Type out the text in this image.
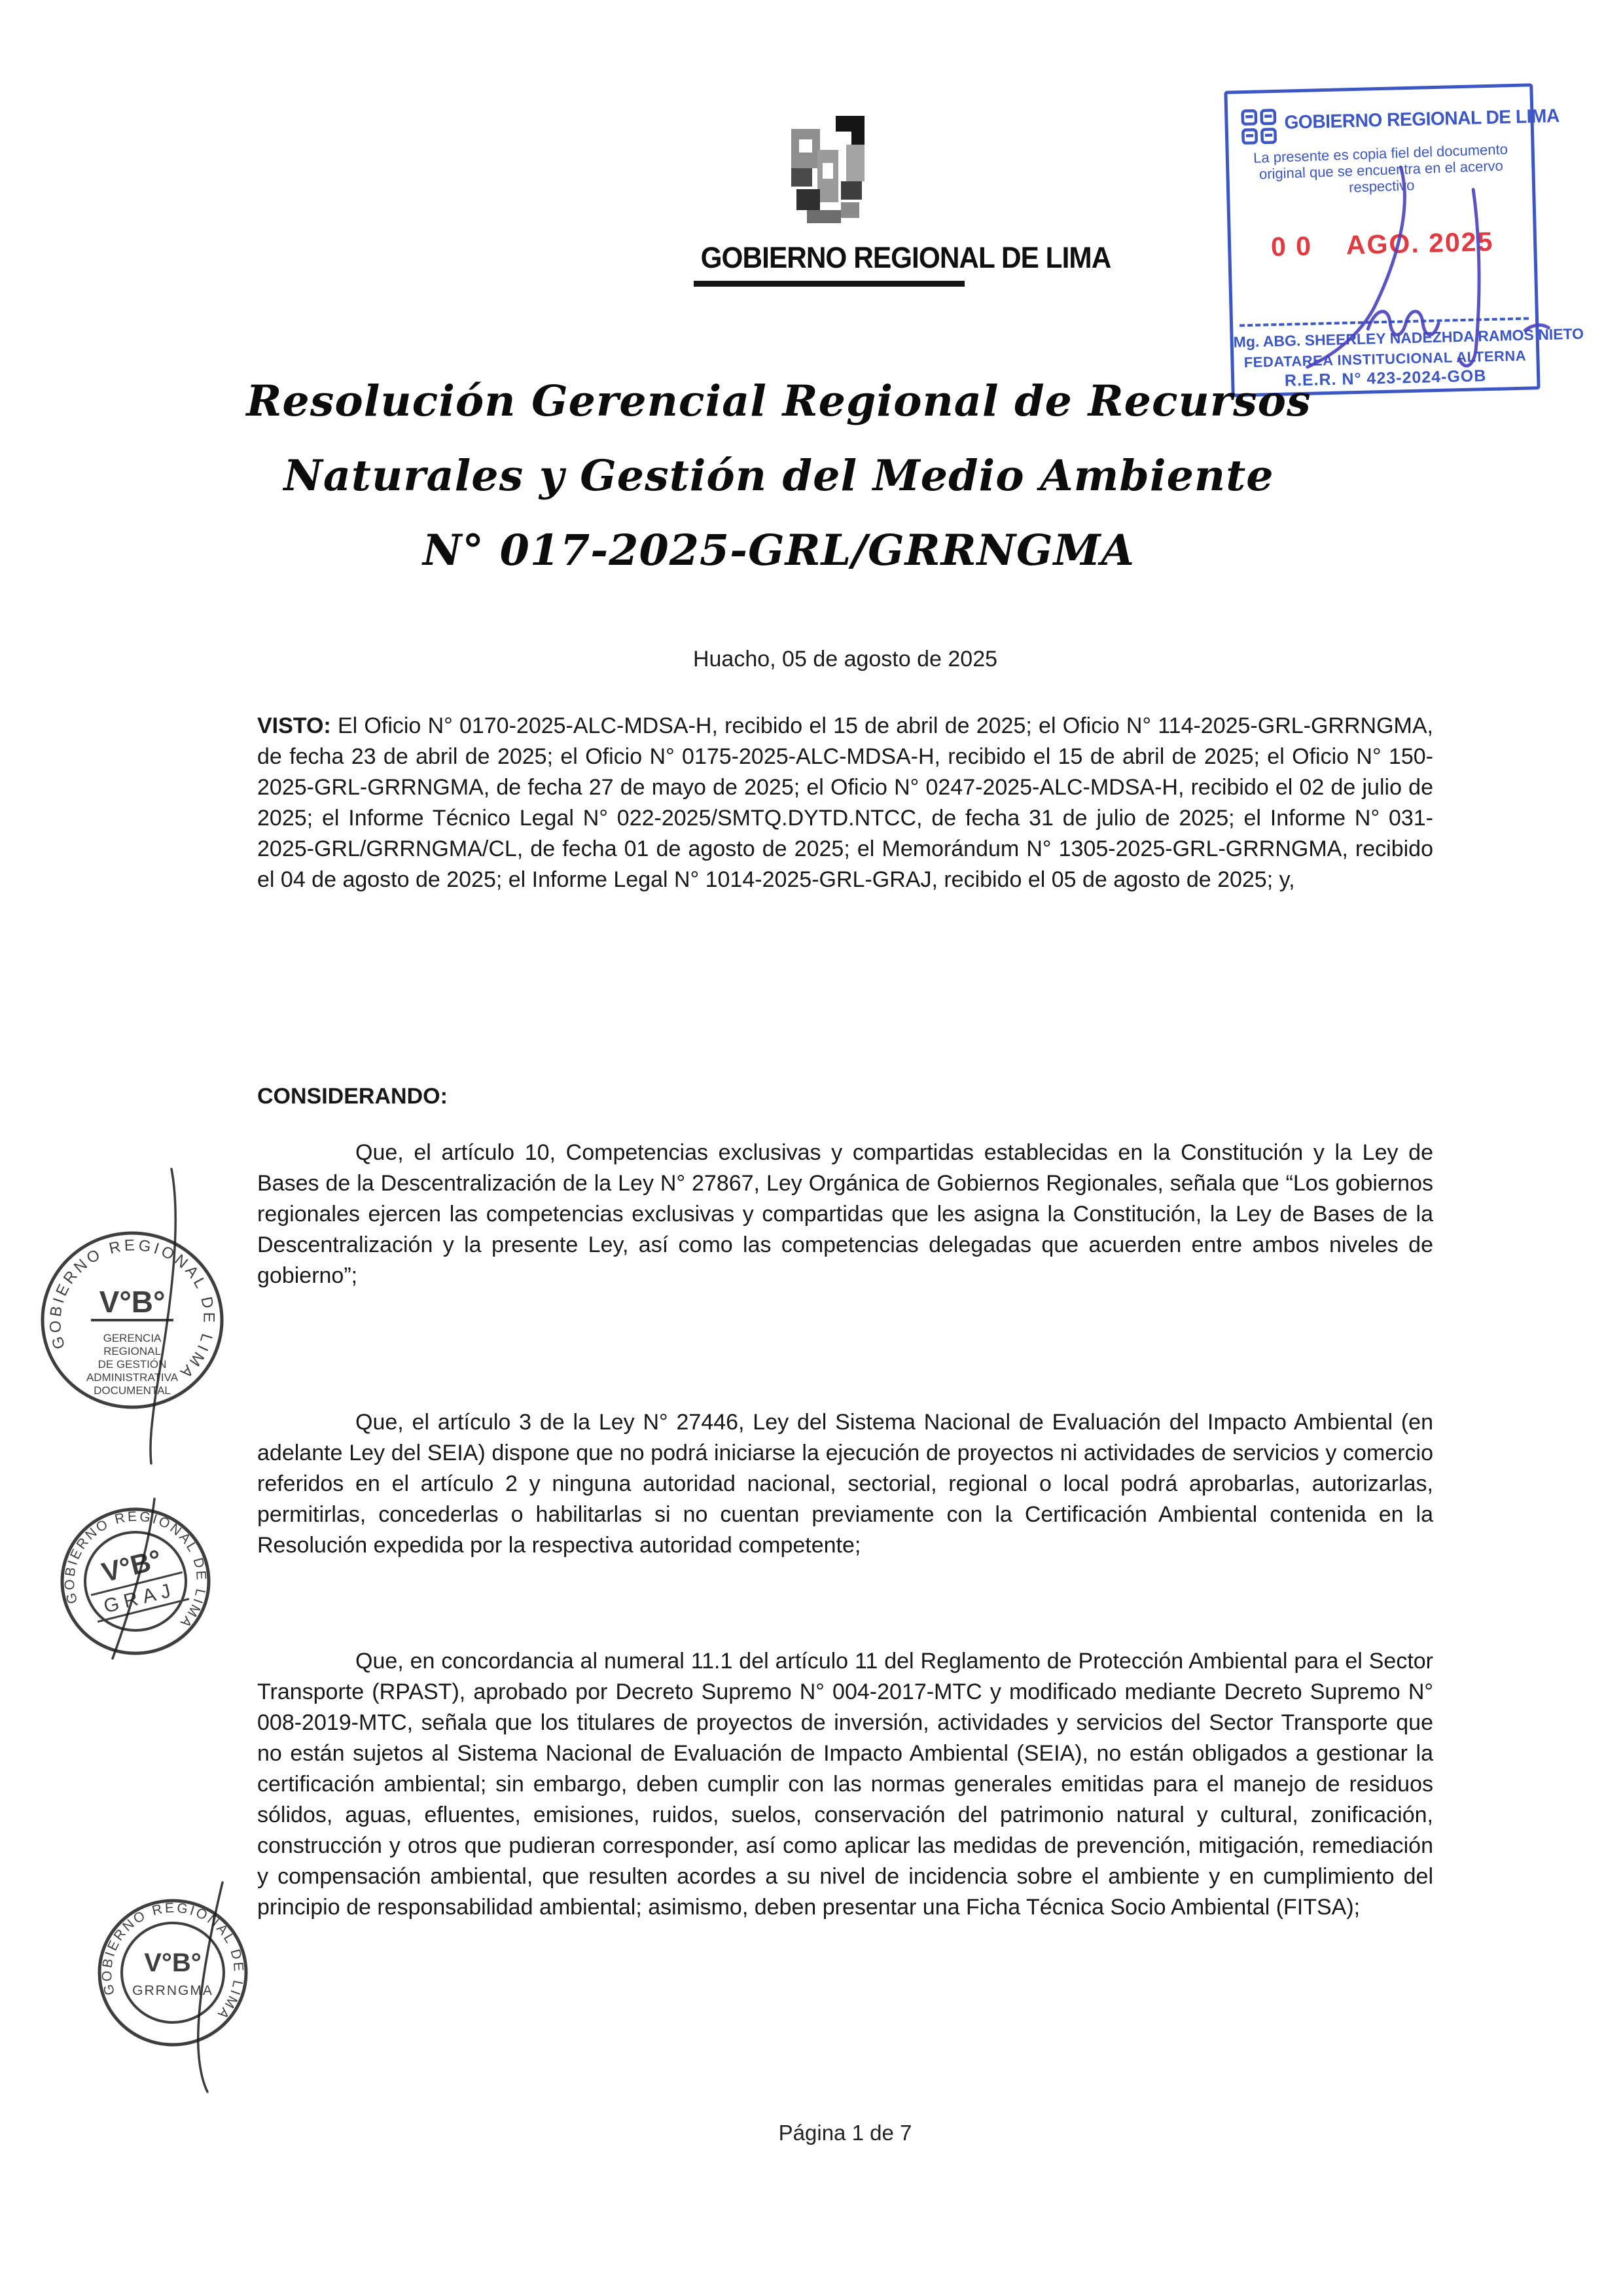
GOBIERNO REGIONAL DE LIMA
GOBIERNO REGIONAL DE LIMA
La presente es copia fiel del documento original que se encuentra en el acervo respectivo
0 0 AGO. 2025
Mg. ABG. SHEERLEY NADEZHDA RAMOS NIETO
FEDATAREA INSTITUCIONAL ALTERNA
R.E.R. N° 423-2024-GOB
Resolución Gerencial Regional de Recursos
Naturales y Gestión del Medio Ambiente
N° 017-2025-GRL/GRRNGMA
Huacho, 05 de agosto de 2025
VISTO: El Oficio N° 0170-2025-ALC-MDSA-H, recibido el 15 de abril de 2025; el Oficio N° 114-2025-GRL-GRRNGMA, de fecha 23 de abril de 2025; el Oficio N° 0175-2025-ALC-MDSA-H, recibido el 15 de abril de 2025; el Oficio N° 150-2025-GRL-GRRNGMA, de fecha 27 de mayo de 2025; el Oficio N° 0247-2025-ALC-MDSA-H, recibido el 02 de julio de 2025; el Informe Técnico Legal N° 022-2025/SMTQ.DYTD.NTCC, de fecha 31 de julio de 2025; el Informe N° 031-2025-GRL/GRRNGMA/CL, de fecha 01 de agosto de 2025; el Memorándum N° 1305-2025-GRL-GRRNGMA, recibido el 04 de agosto de 2025; el Informe Legal N° 1014-2025-GRL-GRAJ, recibido el 05 de agosto de 2025; y,
CONSIDERANDO:
Que, el artículo 10, Competencias exclusivas y compartidas establecidas en la Constitución y la Ley de Bases de la Descentralización de la Ley N° 27867, Ley Orgánica de Gobiernos Regionales, señala que “Los gobiernos regionales ejercen las competencias exclusivas y compartidas que les asigna la Constitución, la Ley de Bases de la Descentralización y la presente Ley, así como las competencias delegadas que acuerden entre ambos niveles de gobierno”;
Que, el artículo 3 de la Ley N° 27446, Ley del Sistema Nacional de Evaluación del Impacto Ambiental (en adelante Ley del SEIA) dispone que no podrá iniciarse la ejecución de proyectos ni actividades de servicios y comercio referidos en el artículo 2 y ninguna autoridad nacional, sectorial, regional o local podrá aprobarlas, autorizarlas, permitirlas, concederlas o habilitarlas si no cuentan previamente con la Certificación Ambiental contenida en la Resolución expedida por la respectiva autoridad competente;
Que, en concordancia al numeral 11.1 del artículo 11 del Reglamento de Protección Ambiental para el Sector Transporte (RPAST), aprobado por Decreto Supremo N° 004-2017-MTC y modificado mediante Decreto Supremo N° 008-2019-MTC, señala que los titulares de proyectos de inversión, actividades y servicios del Sector Transporte que no están sujetos al Sistema Nacional de Evaluación de Impacto Ambiental (SEIA), no están obligados a gestionar la certificación ambiental; sin embargo, deben cumplir con las normas generales emitidas para el manejo de residuos sólidos, aguas, efluentes, emisiones, ruidos, suelos, conservación del patrimonio natural y cultural, zonificación, construcción y otros que pudieran corresponder, así como aplicar las medidas de prevención, mitigación, remediación y compensación ambiental, que resulten acordes a su nivel de incidencia sobre el ambiente y en cumplimiento del principio de responsabilidad ambiental; asimismo, deben presentar una Ficha Técnica Socio Ambiental (FITSA);
GOBIERNO REGIONAL DE LIMA
V°B°
GERENCIA
REGIONAL
DE GESTIÓN
ADMINISTRATIVA
DOCUMENTAL
GOBIERNO REGIONAL DE LIMA
V°B°
GRAJ
GOBIERNO REGIONAL DE LIMA
V°B°
GRRNGMA
Página 1 de 7
